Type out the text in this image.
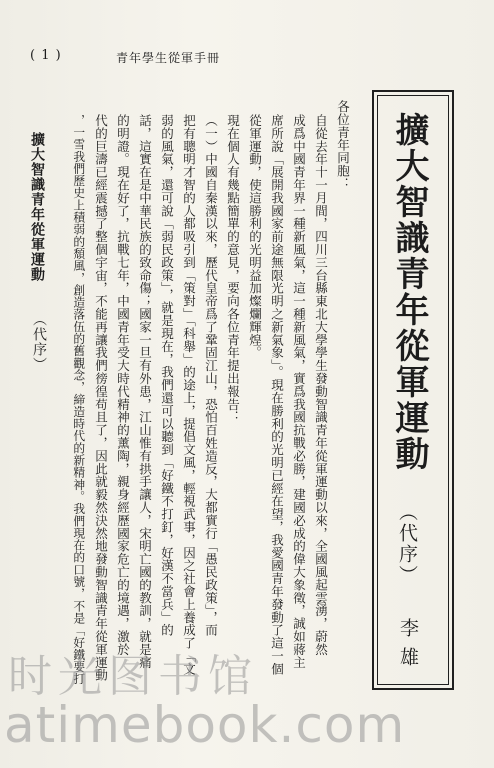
( 1 )	青年學生從軍手冊
擴大智識青年從軍運動
（代序）
李雄
各位青年同胞：
自從去年十一月間，四川三台縣東北大學學生發動智識青年從軍運動以來，全國風起雲湧，蔚然
成爲中國青年界一種新風氣，這一種新風氣，實爲我國抗戰必勝，建國必成的偉大象徵，誠如蔣主
席所說「展開我國家前途無限光明之新氣象」。現在勝利的光明已經在望，我愛國青年發動了這一個
從軍運動，使這勝利的光明益加燦爛輝煌。
現在個人有幾點簡單的意見，要向各位青年提出報告：
（一）中國自秦漢以來，歷代皇帝爲了鞏固江山，恐怕百姓造反，大都實行「愚民政策」，而
把有聰明才智的人都吸引到「策對」「科舉」的途上，提倡文風，輕視武事，因之社會上養成了「文
弱的風氣，還可說「弱民政策」，就是現在，我們還可以聽到「好鐵不打釘，好漢不當兵」的
話，這實在是中華民族的致命傷；國家一旦有外患，江山惟有拱手讓人，宋明亡國的教訓，就是痛
的明證。現在好了，抗戰七年，中國青年受大時代精神的薰陶，親身經歷國家危亡的境遇，激於
代的巨濤已經震撼了整個宇宙，不能再讓我們徬徨苟且了，因此就毅然決然地發動智識青年從軍運動
，一雪我們歷史上積弱的頹風，創造落伍的舊觀念，締造時代的新精神。我們現在的口號，不是「好鐵要打
擴大智識青年從軍運動
（代序）
时光图书馆
atimebook.com
